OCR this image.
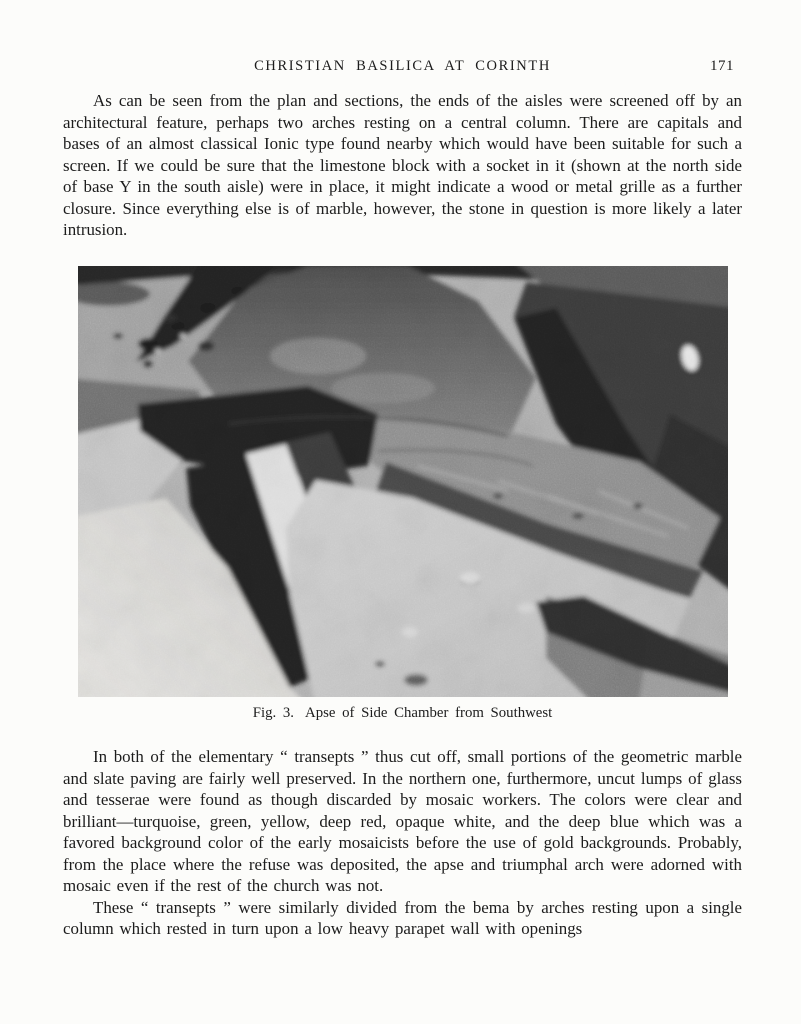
CHRISTIAN BASILICA AT CORINTH	171

As can be seen from the plan and sections, the ends of the aisles were screened off by an architectural feature, perhaps two arches resting on a central column. There are capitals and bases of an almost classical Ionic type found nearby which would have been suitable for such a screen. If we could be sure that the limestone block with a socket in it (shown at the north side of base Y in the south aisle) were in place, it might indicate a wood or metal grille as a further closure. Since everything else is of marble, however, the stone in question is more likely a later intrusion.

Fig. 3. Apse of Side Chamber from Southwest

In both of the elementary “ transepts ” thus cut off, small portions of the geometric marble and slate paving are fairly well preserved. In the northern one, furthermore, uncut lumps of glass and tesserae were found as though discarded by mosaic workers. The colors were clear and brilliant—turquoise, green, yellow, deep red, opaque white, and the deep blue which was a favored background color of the early mosaicists before the use of gold backgrounds. Probably, from the place where the refuse was deposited, the apse and triumphal arch were adorned with mosaic even if the rest of the church was not.

These “ transepts ” were similarly divided from the bema by arches resting upon a single column which rested in turn upon a low heavy parapet wall with openings
